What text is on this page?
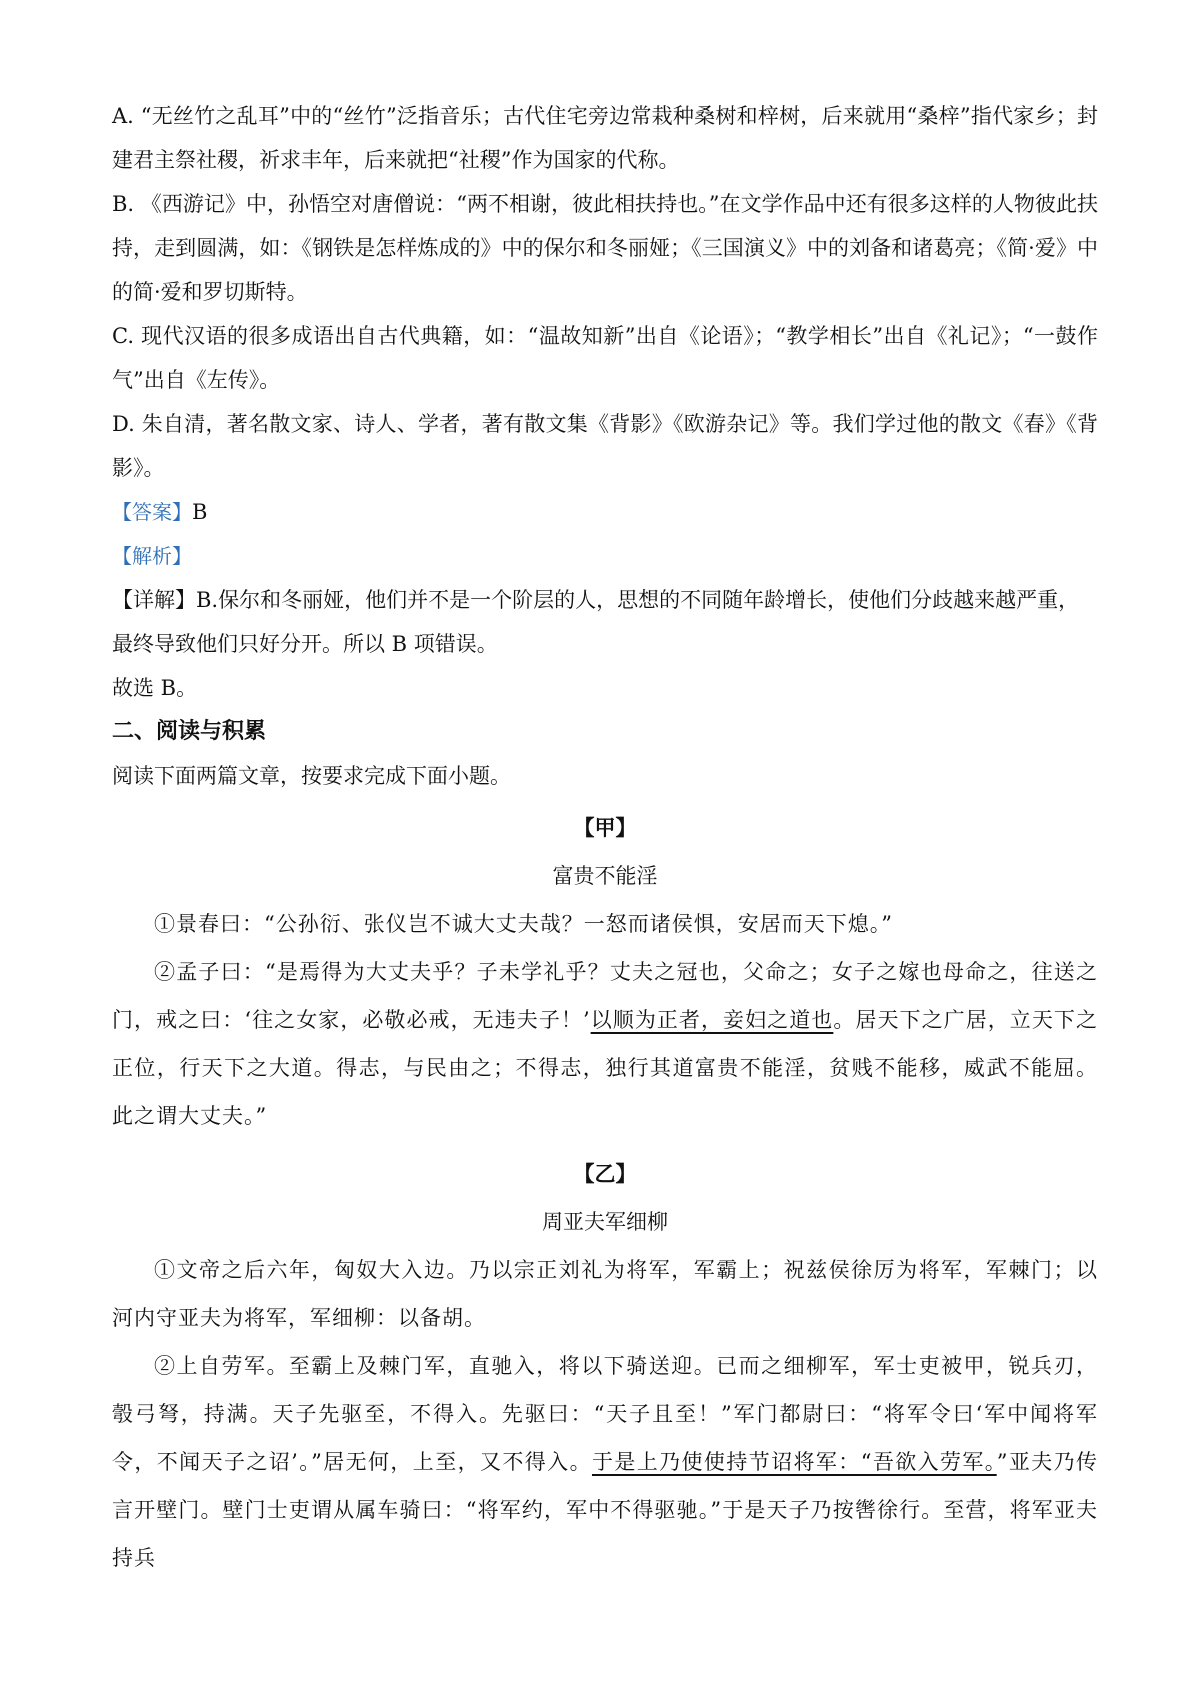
A. “无丝竹之乱耳”中的“丝竹”泛指音乐；古代住宅旁边常栽种桑树和梓树，后来就用“桑梓”指代家乡；封建君主祭社稷，祈求丰年，后来就把“社稷”作为国家的代称。

B. 《西游记》中，孙悟空对唐僧说：“两不相谢，彼此相扶持也。”在文学作品中还有很多这样的人物彼此扶持，走到圆满，如：《钢铁是怎样炼成的》中的保尔和冬丽娅；《三国演义》中的刘备和诸葛亮；《简·爱》中的简·爱和罗切斯特。

C. 现代汉语的很多成语出自古代典籍，如：“温故知新”出自《论语》；“教学相长”出自《礼记》；“一鼓作气”出自《左传》。

D. 朱自清，著名散文家、诗人、学者，著有散文集《背影》《欧游杂记》等。我们学过他的散文《春》《背影》。

【答案】B

【解析】

【详解】B.保尔和冬丽娅，他们并不是一个阶层的人，思想的不同随年龄增长，使他们分歧越来越严重，最终导致他们只好分开。所以 B 项错误。

故选 B。

二、阅读与积累

阅读下面两篇文章，按要求完成下面小题。

【甲】

富贵不能淫

①景春曰：“公孙衍、张仪岂不诚大丈夫哉？一怒而诸侯惧，安居而天下熄。”

②孟子曰：“是焉得为大丈夫乎？子未学礼乎？丈夫之冠也，父命之；女子之嫁也母命之，往送之门，戒之曰：‘往之女家，必敬必戒，无违夫子！’以顺为正者，妾妇之道也。居天下之广居，立天下之正位，行天下之大道。得志，与民由之；不得志，独行其道富贵不能淫，贫贱不能移，威武不能屈。此之谓大丈夫。”

【乙】

周亚夫军细柳

①文帝之后六年，匈奴大入边。乃以宗正刘礼为将军，军霸上；祝兹侯徐厉为将军，军棘门；以河内守亚夫为将军，军细柳：以备胡。

②上自劳军。至霸上及棘门军，直驰入，将以下骑送迎。已而之细柳军，军士吏被甲，锐兵刃，彀弓弩，持满。天子先驱至，不得入。先驱曰：“天子且至！”军门都尉曰：“将军令曰‘军中闻将军令，不闻天子之诏’。”居无何，上至，又不得入。于是上乃使使持节诏将军：“吾欲入劳军。”亚夫乃传言开壁门。壁门士吏谓从属车骑曰：“将军约，军中不得驱驰。”于是天子乃按辔徐行。至营，将军亚夫持兵
